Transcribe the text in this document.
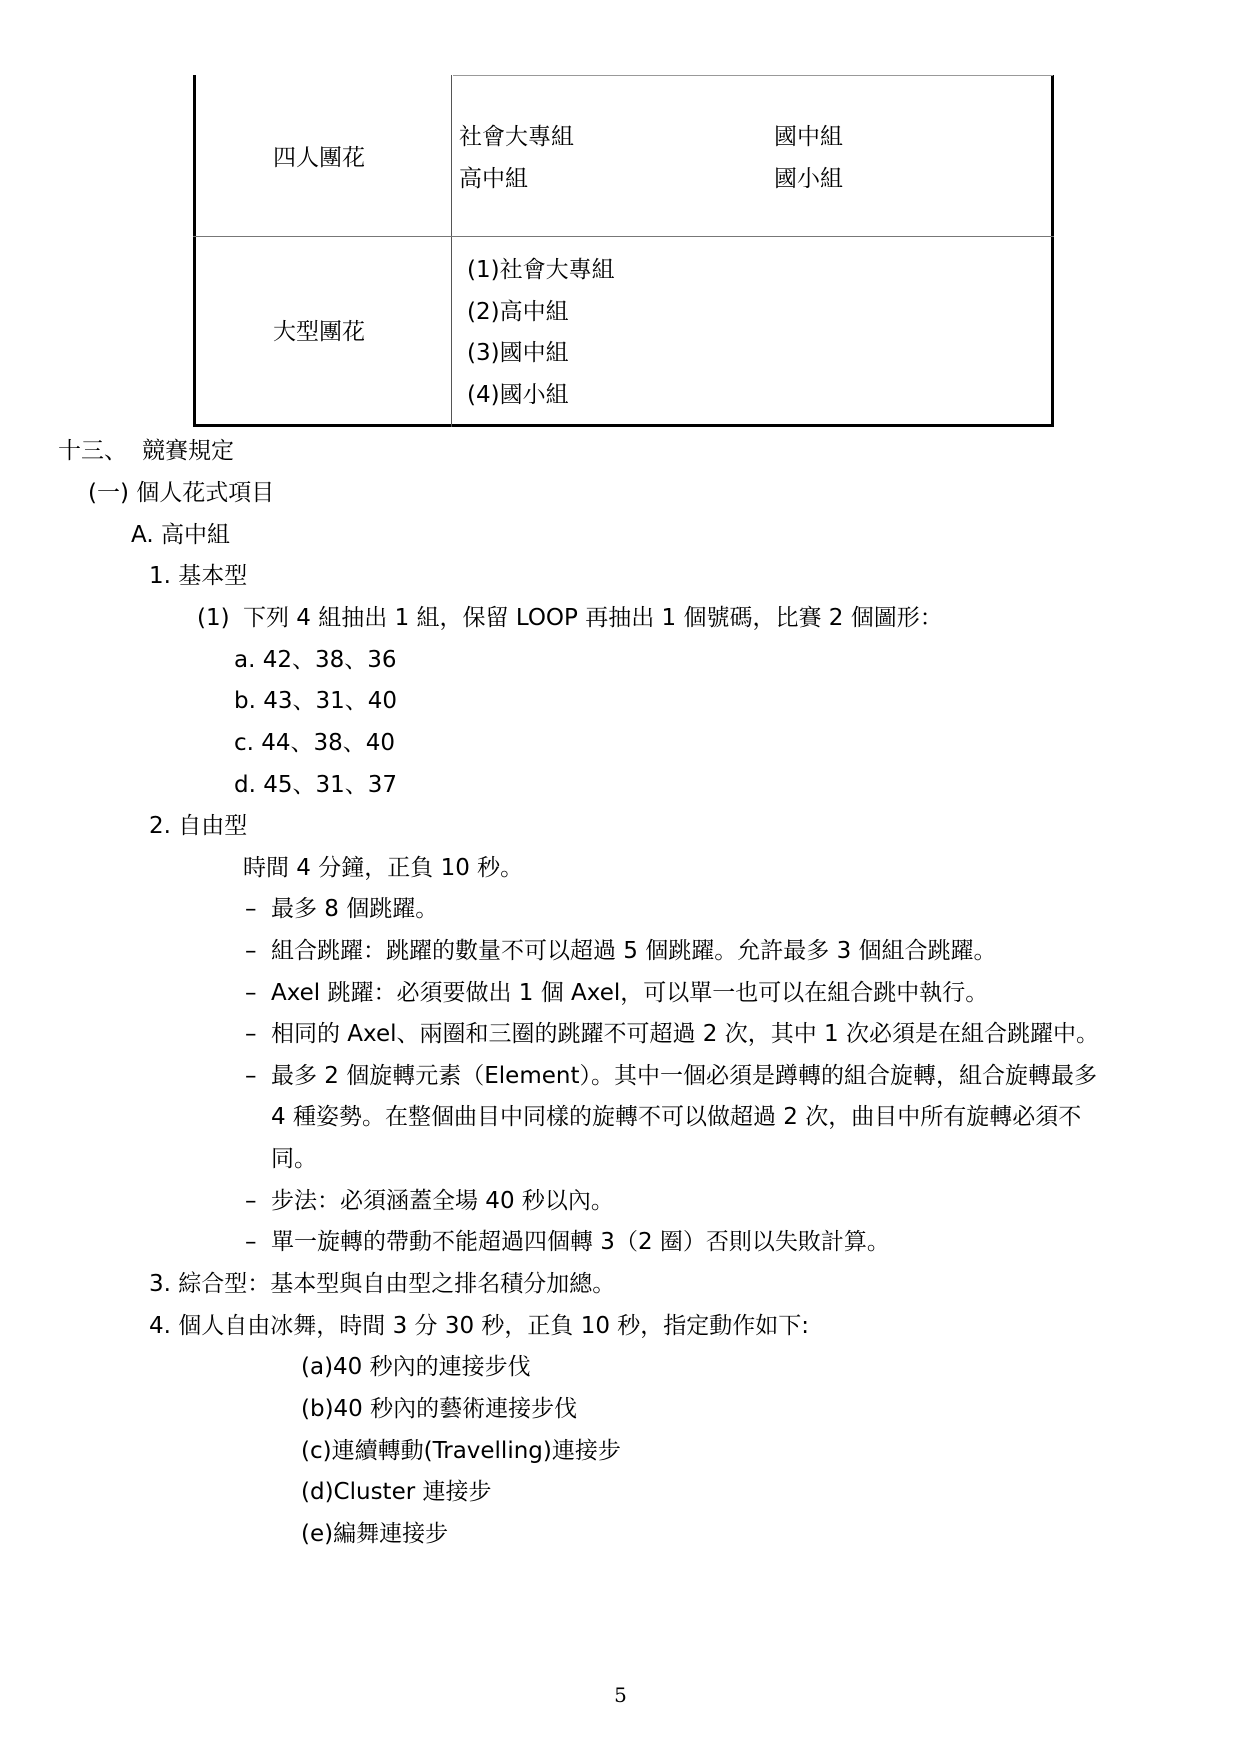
四人團花
社會大專組
高中組
國中組
國小組
大型團花
(1)社會大專組
(2)高中組
(3)國中組
(4)國小組
十三、 競賽規定
(一) 個人花式項目
A. 高中組
1. 基本型
(1) 下列 4 組抽出 1 組，保留 LOOP 再抽出 1 個號碼，比賽 2 個圖形：
a. 42、38、36
b. 43、31、40
c. 44、38、40
d. 45、31、37
2. 自由型
時間 4 分鐘，正負 10 秒。
– 最多 8 個跳躍。
– 組合跳躍：跳躍的數量不可以超過 5 個跳躍。允許最多 3 個組合跳躍。
– Axel 跳躍：必須要做出 1 個 Axel，可以單一也可以在組合跳中執行。
– 相同的 Axel、兩圈和三圈的跳躍不可超過 2 次，其中 1 次必須是在組合跳躍中。
– 最多 2 個旋轉元素（Element）。其中一個必須是蹲轉的組合旋轉，組合旋轉最多
4 種姿勢。在整個曲目中同樣的旋轉不可以做超過 2 次，曲目中所有旋轉必須不
同。
– 步法：必須涵蓋全場 40 秒以內。
– 單一旋轉的帶動不能超過四個轉 3（2 圈）否則以失敗計算。
3. 綜合型：基本型與自由型之排名積分加總。
4. 個人自由冰舞，時間 3 分 30 秒，正負 10 秒，指定動作如下:
(a)40 秒內的連接步伐
(b)40 秒內的藝術連接步伐
(c)連續轉動(Travelling)連接步
(d)Cluster 連接步
(e)編舞連接步
5
